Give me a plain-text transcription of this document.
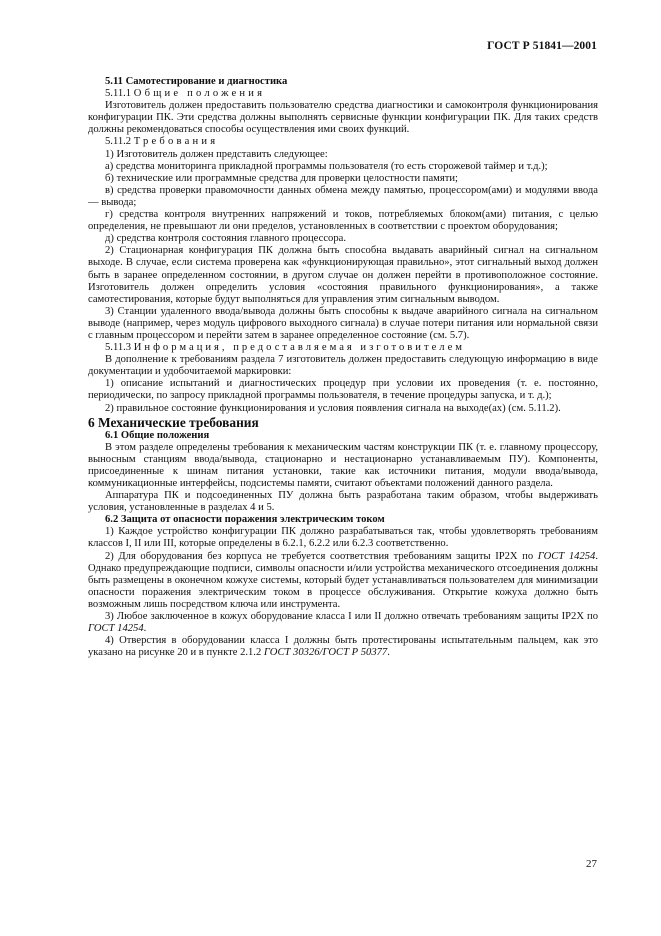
ГОСТ Р 51841—2001

5.11 Самотестирование и диагностика

5.11.1 Общие положения

Изготовитель должен предоставить пользователю средства диагностики и самоконтроля функционирования конфигурации ПК. Эти средства должны выполнять сервисные функции конфигурации ПК. Для таких средств должны рекомендоваться способы осуществления ими своих функций.

5.11.2 Требования

1) Изготовитель должен представить следующее:

а) средства мониторинга прикладной программы пользователя (то есть сторожевой таймер и т.д.);

б) технические или программные средства для проверки целостности памяти;

в) средства проверки правомочности данных обмена между памятью, процессором(ами) и модулями ввода — вывода;

г) средства контроля внутренних напряжений и токов, потребляемых блоком(ами) питания, с целью определения, не превышают ли они пределов, установленных в соответствии с проектом оборудования;

д) средства контроля состояния главного процессора.

2) Стационарная конфигурация ПК должна быть способна выдавать аварийный сигнал на сигнальном выходе. В случае, если система проверена как «функционирующая правильно», этот сигнальный выход должен быть в заранее определенном состоянии, в другом случае он должен перейти в противоположное состояние. Изготовитель должен определить условия «состояния правильного функционирования», а также самотестирования, которые будут выполняться для управления этим сигнальным выводом.

3) Станции удаленного ввода/вывода должны быть способны к выдаче аварийного сигнала на сигнальном выводе (например, через модуль цифрового выходного сигнала) в случае потери питания или нормальной связи с главным процессором и перейти затем в заранее определенное состояние (см. 5.7).

5.11.3 Информация, предоставляемая изготовителем

В дополнение к требованиям раздела 7 изготовитель должен предоставить следующую информацию в виде документации и удобочитаемой маркировки:

1) описание испытаний и диагностических процедур при условии их проведения (т. е. постоянно, периодически, по запросу прикладной программы пользователя, в течение процедуры запуска, и т. д.);

2) правильное состояние функционирования и условия появления сигнала на выходе(ах) (см. 5.11.2).

6 Механические требования

6.1 Общие положения

В этом разделе определены требования к механическим частям конструкции ПК (т. е. главному процессору, выносным станциям ввода/вывода, стационарно и нестационарно устанавливаемым ПУ). Компоненты, присоединенные к шинам питания установки, такие как источники питания, модули ввода/вывода, коммуникационные интерфейсы, подсистемы памяти, считают объектами положений данного раздела.

Аппаратура ПК и подсоединенных ПУ должна быть разработана таким образом, чтобы выдерживать условия, установленные в разделах 4 и 5.

6.2 Защита от опасности поражения электрическим током

1) Каждое устройство конфигурации ПК должно разрабатываться так, чтобы удовлетворять требованиям классов I, II или III, которые определены в 6.2.1, 6.2.2 или 6.2.3 соответственно.

2) Для оборудования без корпуса не требуется соответствия требованиям защиты IP2X по ГОСТ 14254. Однако предупреждающие подписи, символы опасности и/или устройства механического отсоединения должны быть размещены в оконечном кожухе системы, который будет устанавливаться пользователем для минимизации опасности поражения электрическим током в процессе обслуживания. Открытие кожуха должно быть возможным лишь посредством ключа или инструмента.

3) Любое заключенное в кожух оборудование класса I или II должно отвечать требованиям защиты IP2X по ГОСТ 14254.

4) Отверстия в оборудовании класса I должны быть протестированы испытательным пальцем, как это указано на рисунке 20 и в пункте 2.1.2 ГОСТ 30326/ГОСТ Р 50377.

27
